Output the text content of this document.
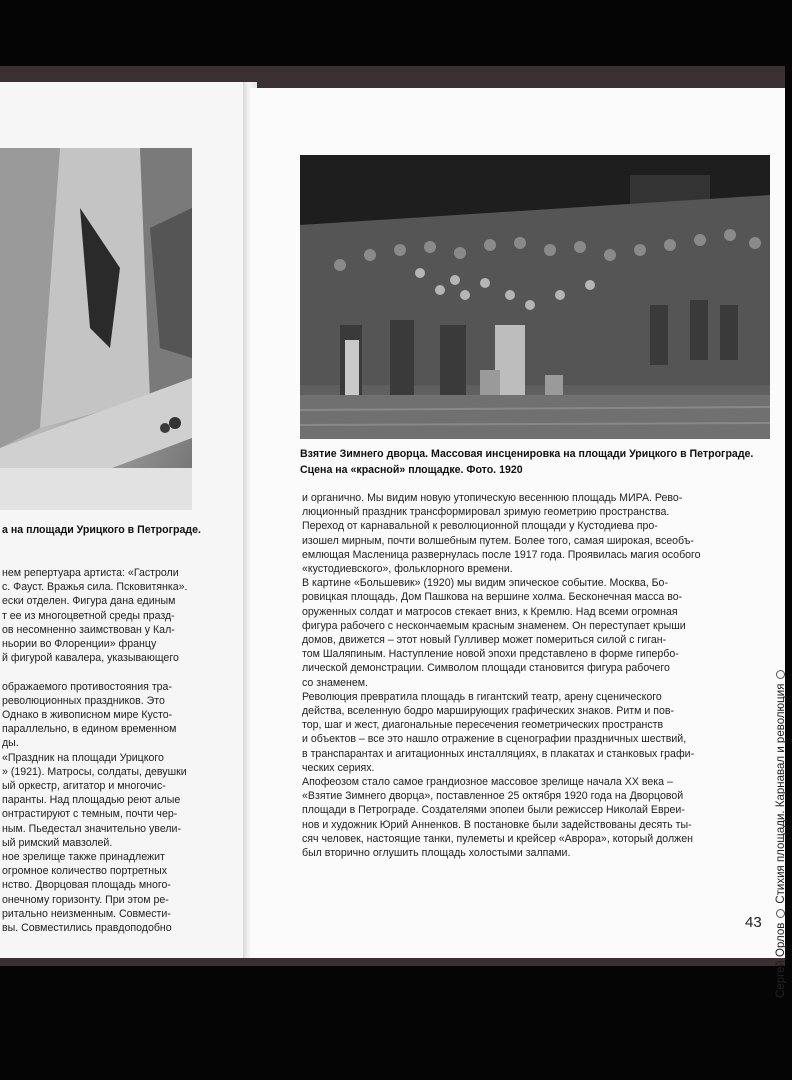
а на площади Урицкого в Петрограде.

нем репертуара артиста: «Гастроли

с. Фауст. Вражья сила. Псковитянка».

ески отделен. Фигура дана единым

т ее из многоцветной среды празд-

ов несомненно заимствован у Кал-

ньории во Флоренции» францу

й фигурой кавалера, указывающего

ображаемого противостояния тра-

революционных праздников. Это

Однако в живописном мире Кусто-

параллельно, в едином временном

ды.

«Праздник на площади Урицкого

» (1921). Матросы, солдаты, девушки

ый оркестр, агитатор и многочис-

паранты. Над площадью реют алые

онтрастируют с темным, почти чер-

ным. Пьедестал значительно увели-

ый римский мавзолей.

ное зрелище также принадлежит

огромное количество портретных

нство. Дворцовая площадь много-

онечному горизонту. При этом ре-

ритально неизменным. Совмести-

вы. Совместились правдоподобно

Взятие Зимнего дворца. Массовая инсценировка на площади Урицкого в Петрограде.
Сцена на «красной» площадке. Фото. 1920

и органично. Мы видим новую утопическую весеннюю площадь МИРА. Рево-

люционный праздник трансформировал зримую геометрию пространства.

Переход от карнавальной к революционной площади у Кустодиева про-

изошел мирным, почти волшебным путем. Более того, самая широкая, всеобъ-

емлющая Масленица развернулась после 1917 года. Проявилась магия особого

«кустодиевского», фольклорного времени.

В картине «Большевик» (1920) мы видим эпическое событие. Москва, Бо-

ровицкая площадь, Дом Пашкова на вершине холма. Бесконечная масса во-

оруженных солдат и матросов стекает вниз, к Кремлю. Над всеми огромная

фигура рабочего с нескончаемым красным знаменем. Он переступает крыши

домов, движется – этот новый Гулливер может помериться силой с гиган-

том Шаляпиным. Наступление новой эпохи представлено в форме гипербо-

лической демонстрации. Символом площади становится фигура рабочего

со знаменем.

Революция превратила площадь в гигантский театр, арену сценического

действа, вселенную бодро марширующих графических знаков. Ритм и пов-

тор, шаг и жест, диагональные пересечения геометрических пространств

и объектов – все это нашло отражение в сценографии праздничных шествий,

в транспарантах и агитационных инсталляциях, в плакатах и станковых графи-

ческих сериях.

Апофеозом стало самое грандиозное массовое зрелище начала XX века –

«Взятие Зимнего дворца», поставленное 25 октября 1920 года на Дворцовой

площади в Петрограде. Создателями эпопеи были режиссер Николай Евреи-

нов и художник Юрий Анненков. В постановке были задействованы десять ты-

сяч человек, настоящие танки, пулеметы и крейсер «Аврора», который должен

был вторично оглушить площадь холостыми залпами.

Сергей ОрловСтихия площади. Карнавал и революция
43
